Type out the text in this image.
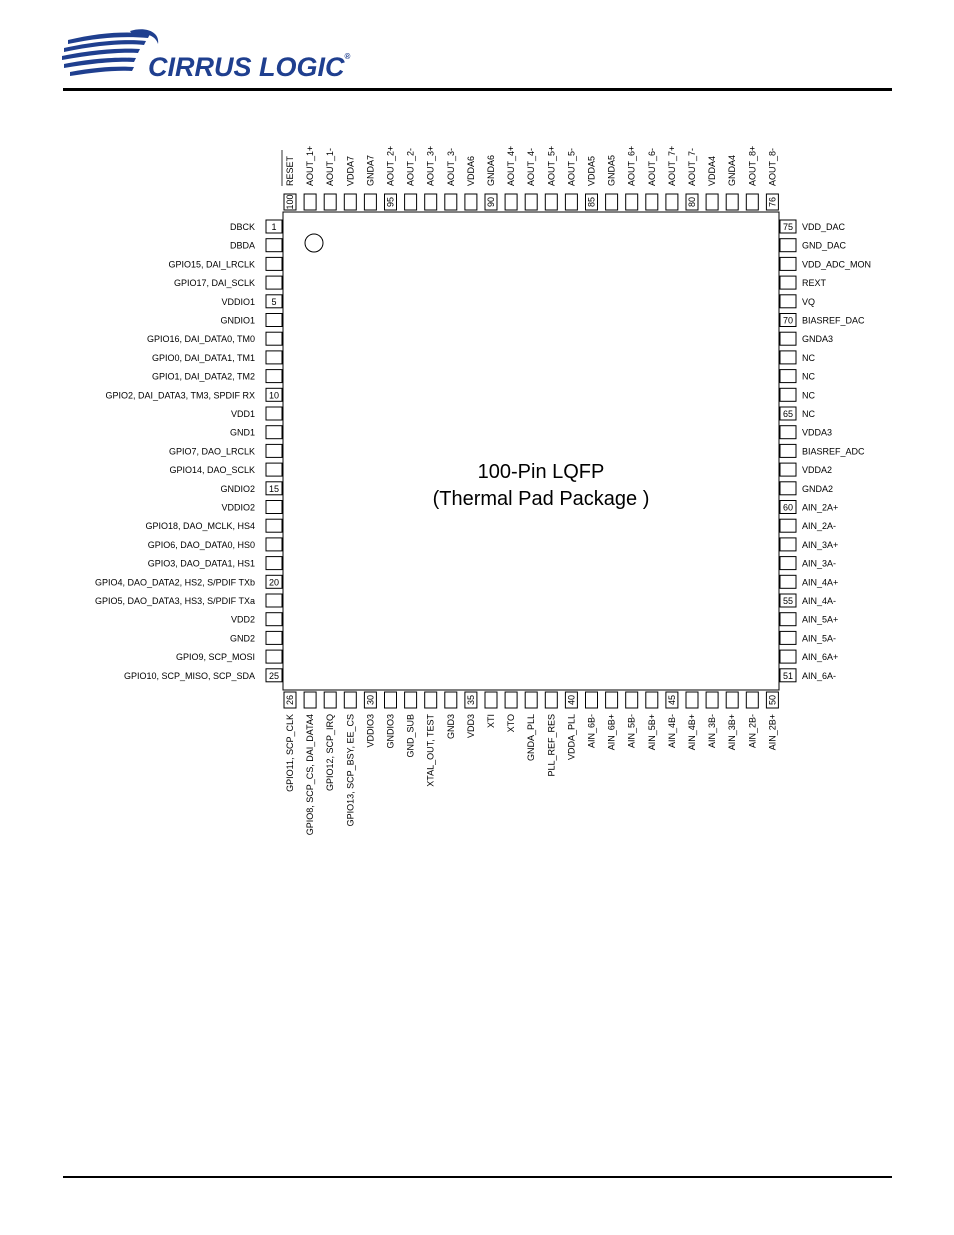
CIRRUS LOGIC®
100-Pin LQFP
(Thermal Pad Package )
1
DBCK
DBDA
GPIO15, DAI_LRCLK
GPIO17, DAI_SCLK
5
VDDIO1
GNDIO1
GPIO16, DAI_DATA0, TM0
GPIO0, DAI_DATA1, TM1
GPIO1, DAI_DATA2, TM2
10
GPIO2, DAI_DATA3, TM3, SPDIF RX
VDD1
GND1
GPIO7, DAO_LRCLK
GPIO14, DAO_SCLK
15
GNDIO2
VDDIO2
GPIO18, DAO_MCLK, HS4
GPIO6, DAO_DATA0, HS0
GPIO3, DAO_DATA1, HS1
20
GPIO4, DAO_DATA2, HS2, S/PDIF TXb
GPIO5, DAO_DATA3, HS3, S/PDIF TXa
VDD2
GND2
GPIO9, SCP_MOSI
25
GPIO10, SCP_MISO, SCP_SDA
75 VDD_DAC
GND_DAC
VDD_ADC_MON
REXT
VQ
70 BIASREF_DAC
GNDA3
NC
NC
NC
65 NC
VDDA3
BIASREF_ADC
VDDA2
GNDA2
60 AIN_2A+
AIN_2A-
AIN_3A+
AIN_3A-
AIN_4A+
55 AIN_4A-
AIN_5A+
AIN_5A-
AIN_6A+
51 AIN_6A-
100
RESET AOUT_1+ AOUT_1- VDDA7 GNDA7
95
AOUT_2+ AOUT_2- AOUT_3+ AOUT_3- VDDA6
90
GNDA6 AOUT_4+ AOUT_4- AOUT_5+ AOUT_5-
85
VDDA5 GNDA5 AOUT_6+ AOUT_6- AOUT_7+
80
AOUT_7- VDDA4 GNDA4 AOUT_8+
76
AOUT_8-
26
GPIO11, SCP_CLK GPIO8, SCP_CS, DAI_DATA4 GPIO12, SCP_IRQ GPIO13, SCP_BSY, EE_CS
30
VDDIO3 GNDIO3 GND_SUB XTAL_OUT, TEST GND3
35
VDD3 XTI XTO GNDA_PLL PLL_REF_RES
40
VDDA_PLL AIN_6B- AIN_6B+ AIN_5B- AIN_5B+
45
AIN_4B- AIN_4B+ AIN_3B- AIN_3B+ AIN_2B-
50
AIN_2B+
